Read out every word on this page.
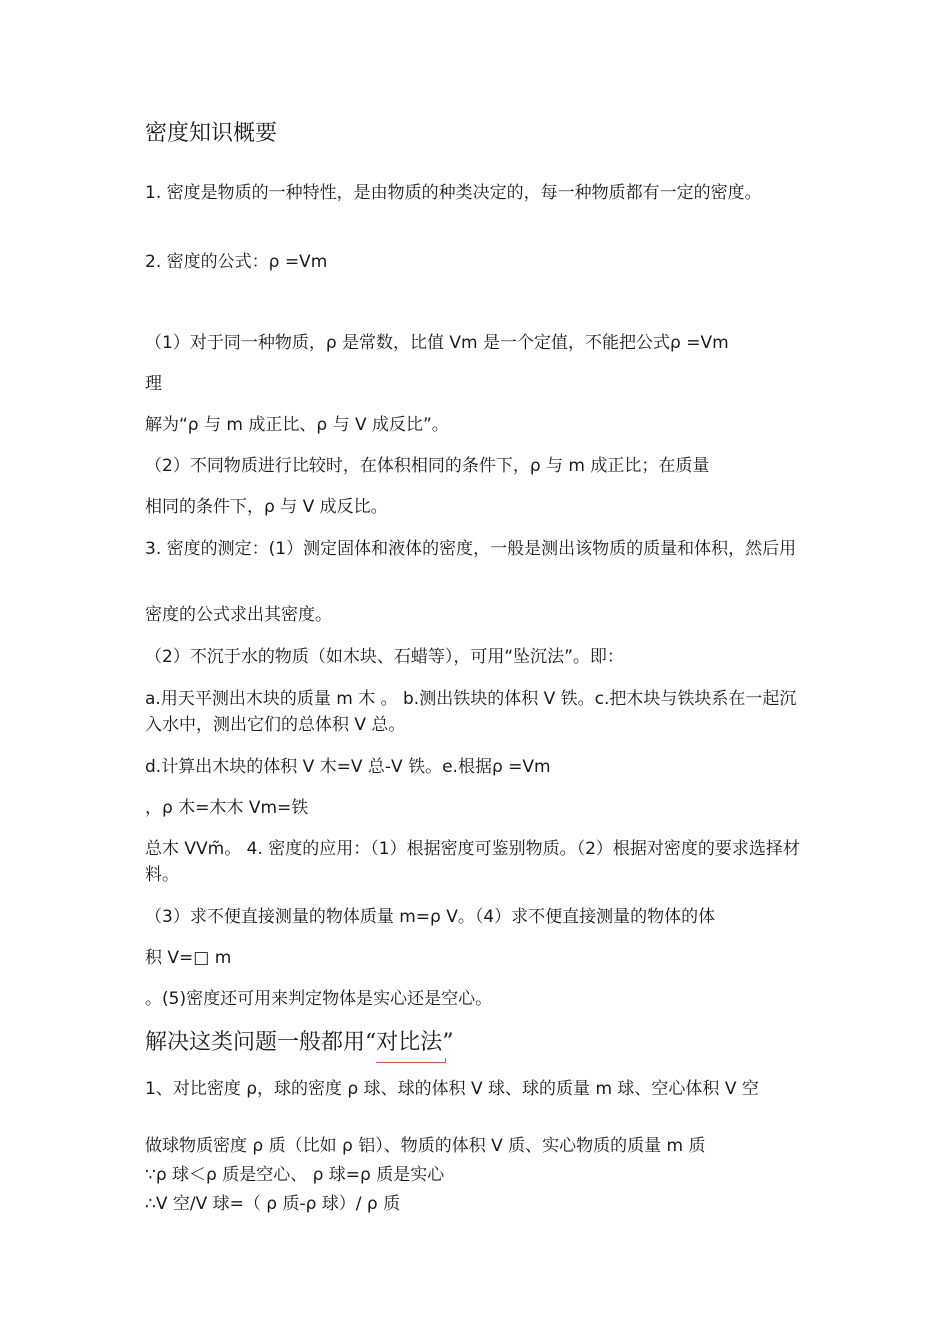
密度知识概要
1. 密度是物质的一种特性，是由物质的种类决定的，每一种物质都有一定的密度。
2. 密度的公式：ρ =Vm
（1）对于同一种物质，ρ 是常数，比值 Vm 是一个定值，不能把公式ρ =Vm
理
解为“ρ 与 m 成正比、ρ 与 V 成反比”。
（2）不同物质进行比较时，在体积相同的条件下，ρ 与 m 成正比；在质量
相同的条件下，ρ 与 V 成反比。
3. 密度的测定：(1）测定固体和液体的密度，一般是测出该物质的质量和体积，然后用
密度的公式求出其密度。
（2）不沉于水的物质（如木块、石蜡等），可用“坠沉法”。即：
a.用天平测出木块的质量 m 木 。 b.测出铁块的体积 V 铁。c.把木块与铁块系在一起沉入水中，测出它们的总体积 V 总。
d.计算出木块的体积 V 木=V 总-V 铁。e.根据ρ =Vm
，ρ 木=木木 Vm=铁
总木 VVm̃。 4. 密度的应用：（1）根据密度可鉴别物质。（2）根据对密度的要求选择材料。
（3）求不便直接测量的物体质量 m=ρ V。（4）求不便直接测量的物体的体
积 V=□ m
。(5)密度还可用来判定物体是实心还是空心。
解决这类问题一般都用“对比法”
1、对比密度 ρ，球的密度 ρ 球、球的体积 V 球、球的质量 m 球、空心体积 V 空
做球物质密度 ρ 质（比如 ρ 铝）、物质的体积 V 质、实心物质的质量 m 质
∵ρ 球＜ρ 质是空心、 ρ 球=ρ 质是实心
∴V 空/V 球=（ ρ 质-ρ 球）/ ρ 质
